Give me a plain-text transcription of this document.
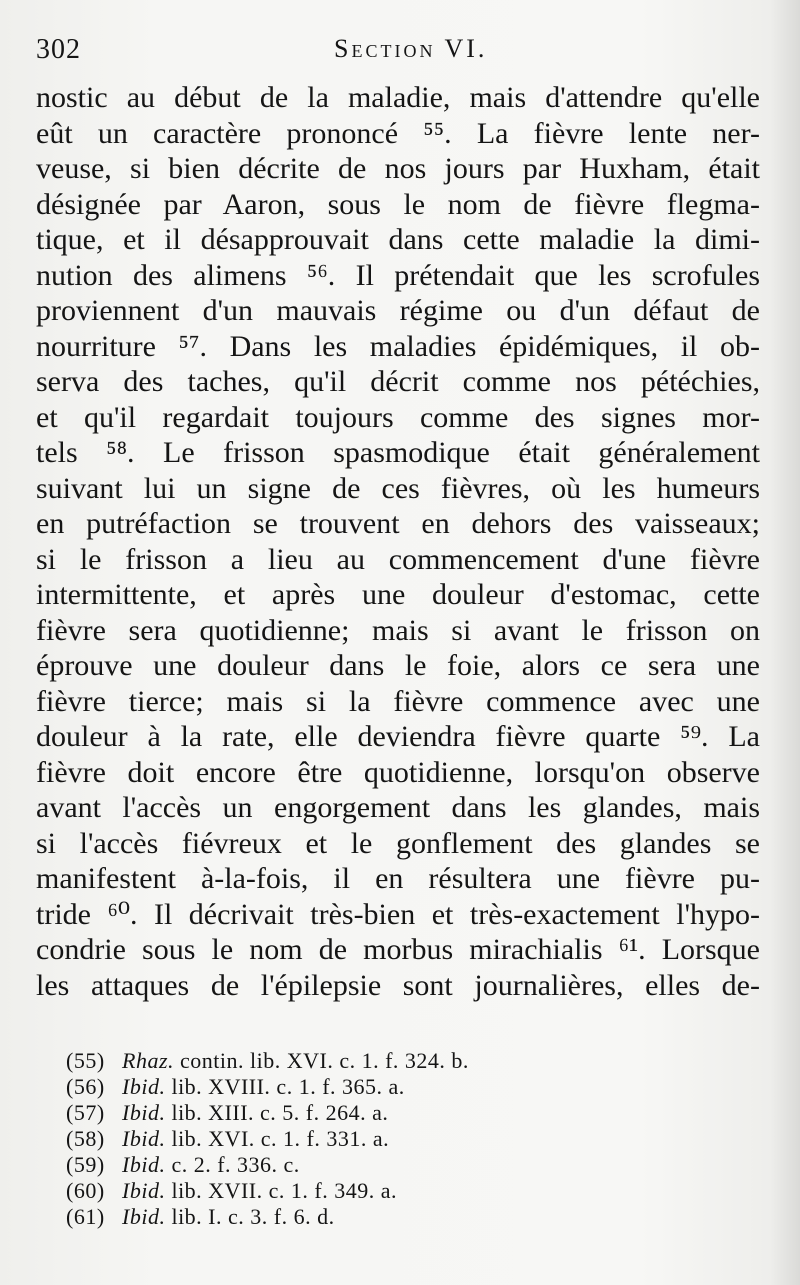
302	Section VI.
nostic au début de la maladie, mais d'attendre qu'elle
eût un caractère prononcé ⁵⁵. La fièvre lente ner-
veuse, si bien décrite de nos jours par Huxham, était
désignée par Aaron, sous le nom de fièvre flegma-
tique, et il désapprouvait dans cette maladie la dimi-
nution des alimens ⁵⁶. Il prétendait que les scrofules
proviennent d'un mauvais régime ou d'un défaut de
nourriture ⁵⁷. Dans les maladies épidémiques, il ob-
serva des taches, qu'il décrit comme nos pétéchies,
et qu'il regardait toujours comme des signes mor-
tels ⁵⁸. Le frisson spasmodique était généralement
suivant lui un signe de ces fièvres, où les humeurs
en putréfaction se trouvent en dehors des vaisseaux;
si le frisson a lieu au commencement d'une fièvre
intermittente, et après une douleur d'estomac, cette
fièvre sera quotidienne; mais si avant le frisson on
éprouve une douleur dans le foie, alors ce sera une
fièvre tierce; mais si la fièvre commence avec une
douleur à la rate, elle deviendra fièvre quarte ⁵⁹. La
fièvre doit encore être quotidienne, lorsqu'on observe
avant l'accès un engorgement dans les glandes, mais
si l'accès fiévreux et le gonflement des glandes se
manifestent à-la-fois, il en résultera une fièvre pu-
tride ⁶⁰. Il décrivait très-bien et très-exactement l'hypo-
condrie sous le nom de morbus mirachialis ⁶¹. Lorsque
les attaques de l'épilepsie sont journalières, elles de-
(55) Rhaz. contin. lib. XVI. c. 1. f. 324. b.
(56) Ibid. lib. XVIII. c. 1. f. 365. a.
(57) Ibid. lib. XIII. c. 5. f. 264. a.
(58) Ibid. lib. XVI. c. 1. f. 331. a.
(59) Ibid. c. 2. f. 336. c.
(60) Ibid. lib. XVII. c. 1. f. 349. a.
(61) Ibid. lib. I. c. 3. f. 6. d.
